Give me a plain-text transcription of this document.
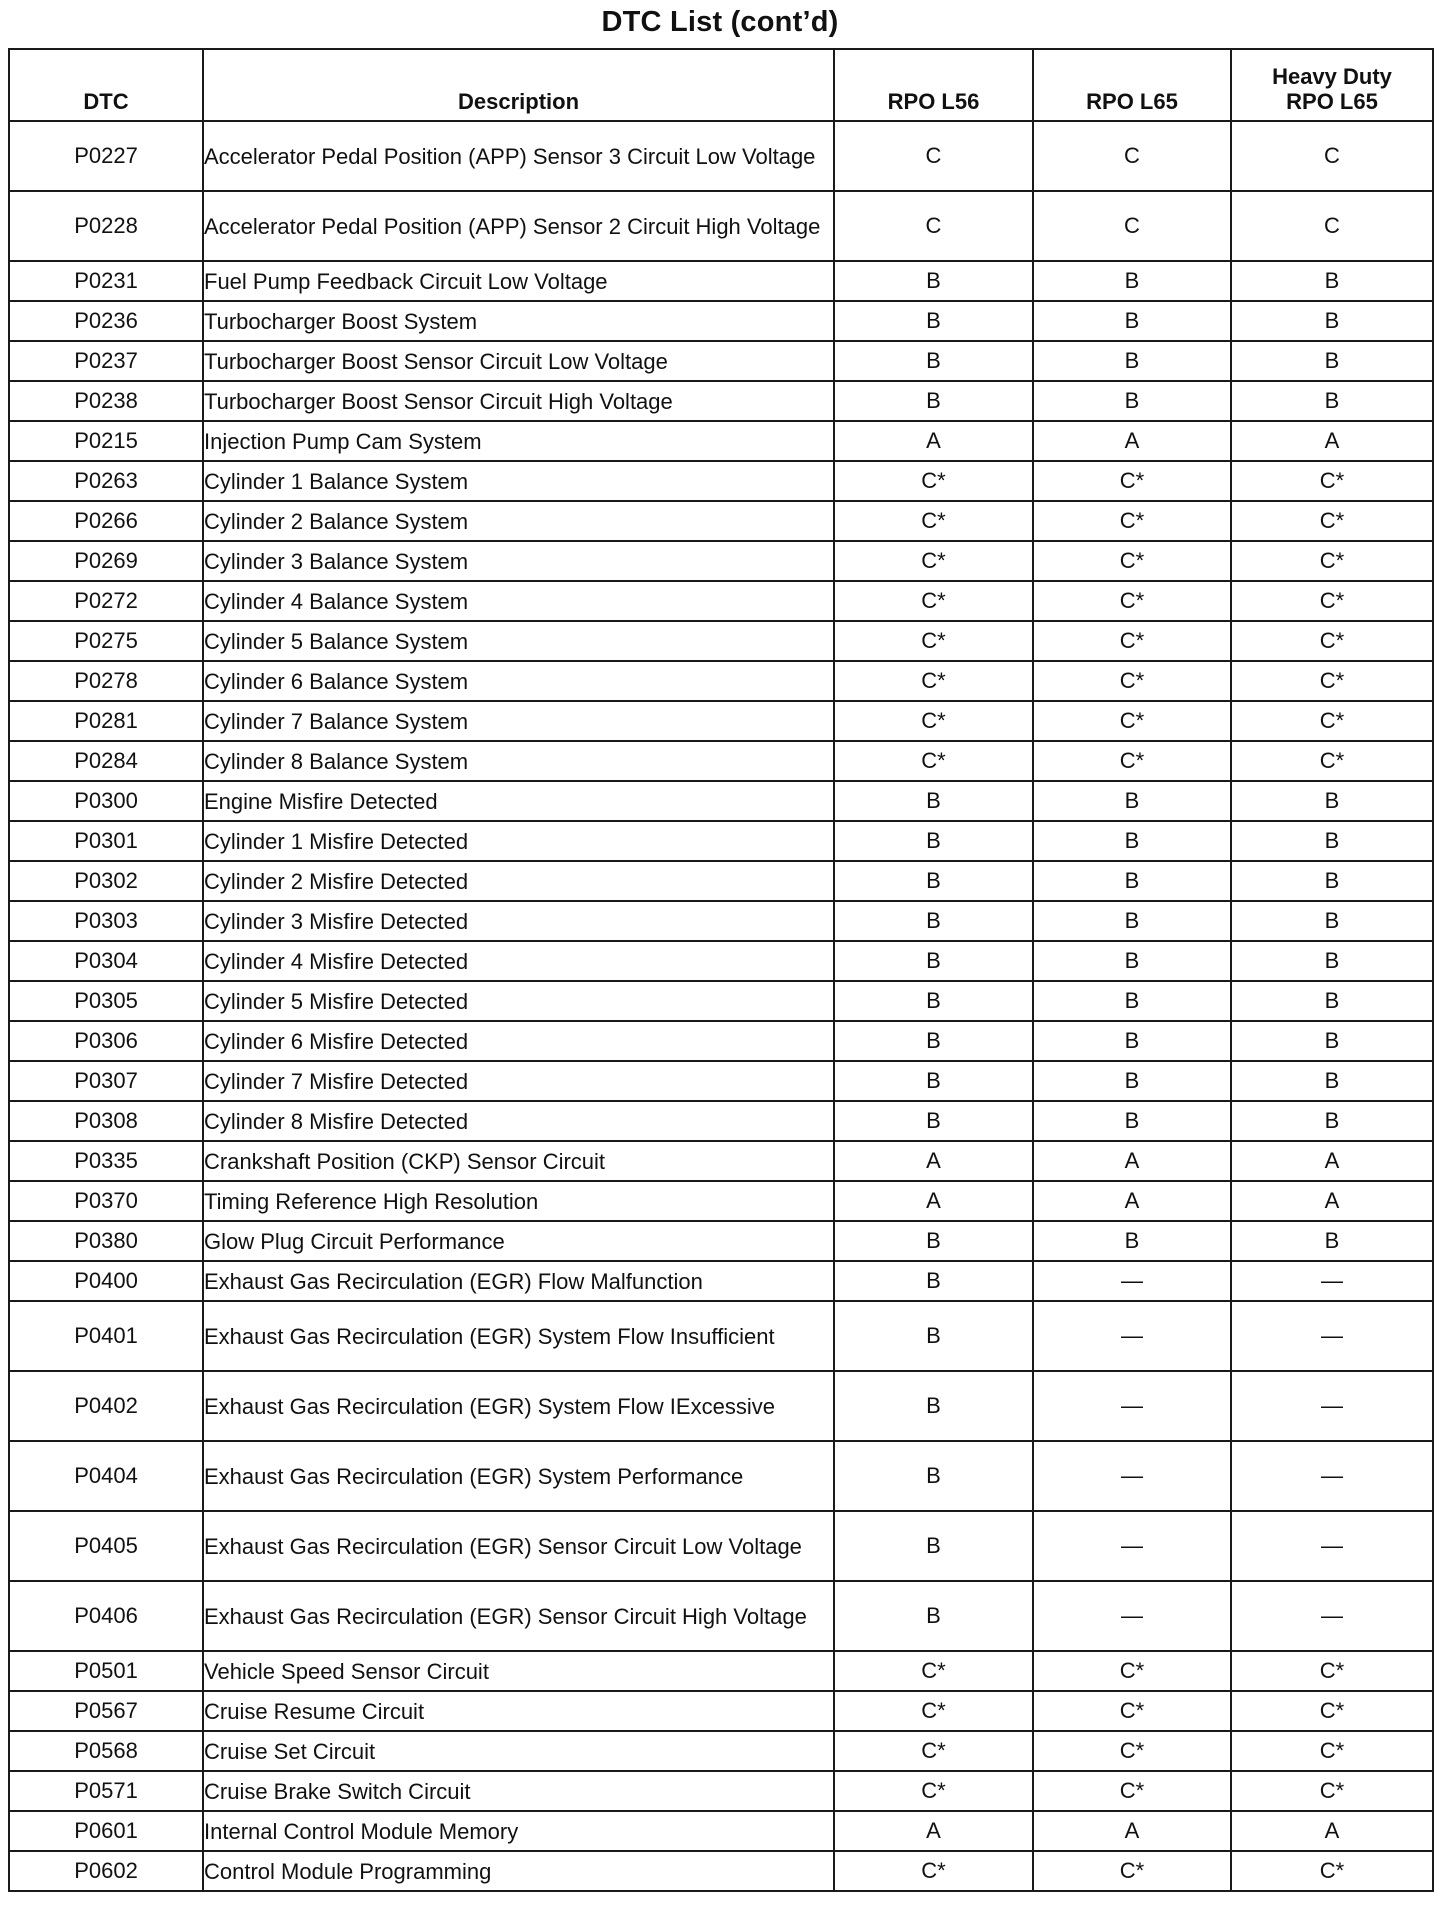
DTC List (cont’d)
DTC	Description	RPO L56	RPO L65	Heavy Duty
RPO L65
P0227	Accelerator Pedal Position (APP) Sensor 3 Circuit Low Voltage	C	C	C
P0228	Accelerator Pedal Position (APP) Sensor 2 Circuit High Voltage	C	C	C
P0231	Fuel Pump Feedback Circuit Low Voltage	B	B	B
P0236	Turbocharger Boost System	B	B	B
P0237	Turbocharger Boost Sensor Circuit Low Voltage	B	B	B
P0238	Turbocharger Boost Sensor Circuit High Voltage	B	B	B
P0215	Injection Pump Cam System	A	A	A
P0263	Cylinder 1 Balance System	C*	C*	C*
P0266	Cylinder 2 Balance System	C*	C*	C*
P0269	Cylinder 3 Balance System	C*	C*	C*
P0272	Cylinder 4 Balance System	C*	C*	C*
P0275	Cylinder 5 Balance System	C*	C*	C*
P0278	Cylinder 6 Balance System	C*	C*	C*
P0281	Cylinder 7 Balance System	C*	C*	C*
P0284	Cylinder 8 Balance System	C*	C*	C*
P0300	Engine Misfire Detected	B	B	B
P0301	Cylinder 1 Misfire Detected	B	B	B
P0302	Cylinder 2 Misfire Detected	B	B	B
P0303	Cylinder 3 Misfire Detected	B	B	B
P0304	Cylinder 4 Misfire Detected	B	B	B
P0305	Cylinder 5 Misfire Detected	B	B	B
P0306	Cylinder 6 Misfire Detected	B	B	B
P0307	Cylinder 7 Misfire Detected	B	B	B
P0308	Cylinder 8 Misfire Detected	B	B	B
P0335	Crankshaft Position (CKP) Sensor Circuit	A	A	A
P0370	Timing Reference High Resolution	A	A	A
P0380	Glow Plug Circuit Performance	B	B	B
P0400	Exhaust Gas Recirculation (EGR) Flow Malfunction	B	—	—
P0401	Exhaust Gas Recirculation (EGR) System Flow Insufficient	B	—	—
P0402	Exhaust Gas Recirculation (EGR) System Flow IExcessive	B	—	—
P0404	Exhaust Gas Recirculation (EGR) System Performance	B	—	—
P0405	Exhaust Gas Recirculation (EGR) Sensor Circuit Low Voltage	B	—	—
P0406	Exhaust Gas Recirculation (EGR) Sensor Circuit High Voltage	B	—	—
P0501	Vehicle Speed Sensor Circuit	C*	C*	C*
P0567	Cruise Resume Circuit	C*	C*	C*
P0568	Cruise Set Circuit	C*	C*	C*
P0571	Cruise Brake Switch Circuit	C*	C*	C*
P0601	Internal Control Module Memory	A	A	A
P0602	Control Module Programming	C*	C*	C*
